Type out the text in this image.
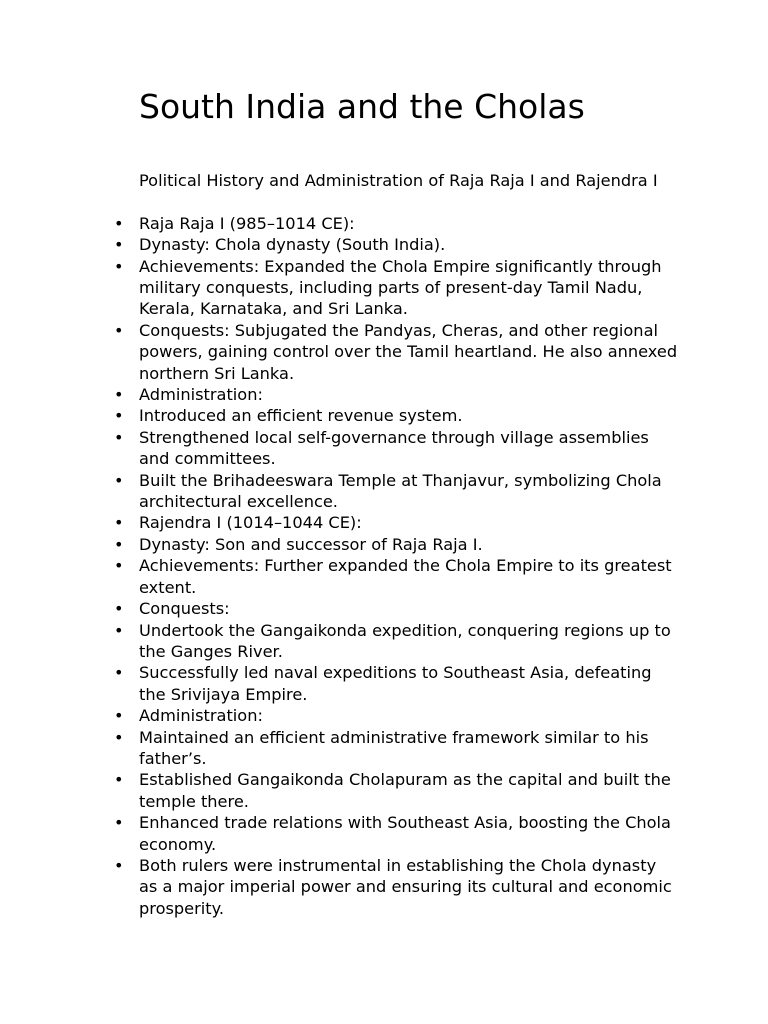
South India and the Cholas

Political History and Administration of Raja Raja I and Rajendra I

• Raja Raja I (985–1014 CE):
• Dynasty: Chola dynasty (South India).
• Achievements: Expanded the Chola Empire significantly through military conquests, including parts of present-day Tamil Nadu, Kerala, Karnataka, and Sri Lanka.
• Conquests: Subjugated the Pandyas, Cheras, and other regional powers, gaining control over the Tamil heartland. He also annexed northern Sri Lanka.
• Administration:
• Introduced an efficient revenue system.
• Strengthened local self-governance through village assemblies and committees.
• Built the Brihadeeswara Temple at Thanjavur, symbolizing Chola architectural excellence.
• Rajendra I (1014–1044 CE):
• Dynasty: Son and successor of Raja Raja I.
• Achievements: Further expanded the Chola Empire to its greatest extent.
• Conquests:
• Undertook the Gangaikonda expedition, conquering regions up to the Ganges River.
• Successfully led naval expeditions to Southeast Asia, defeating the Srivijaya Empire.
• Administration:
• Maintained an efficient administrative framework similar to his father’s.
• Established Gangaikonda Cholapuram as the capital and built the temple there.
• Enhanced trade relations with Southeast Asia, boosting the Chola economy.
• Both rulers were instrumental in establishing the Chola dynasty as a major imperial power and ensuring its cultural and economic prosperity.
